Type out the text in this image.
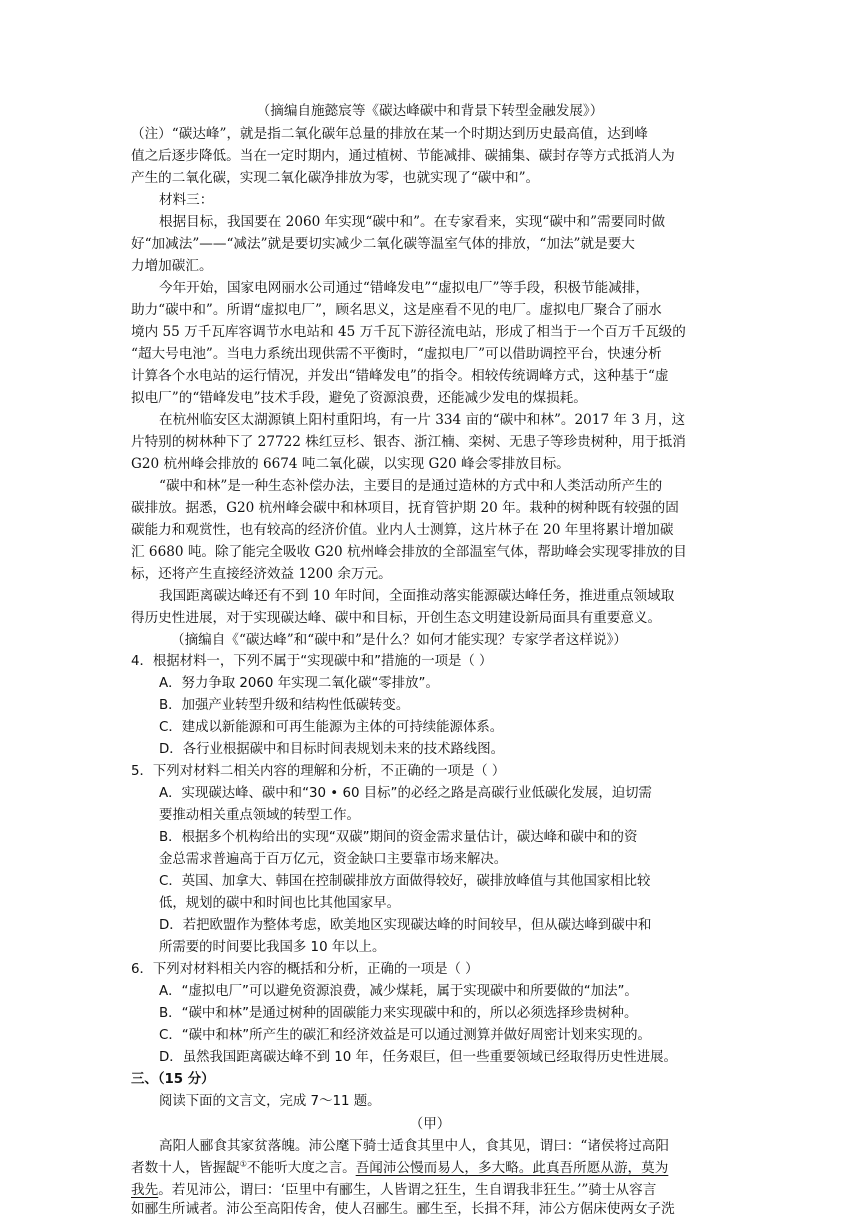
（摘编自施懿宸等《碳达峰碳中和背景下转型金融发展》）
（注）“碳达峰”，就是指二氧化碳年总量的排放在某一个时期达到历史最高值，达到峰
值之后逐步降低。当在一定时期内，通过植树、节能减排、碳捕集、碳封存等方式抵消人为
产生的二氧化碳，实现二氧化碳净排放为零，也就实现了“碳中和”。
材料三：
根据目标，我国要在 2060 年实现“碳中和”。在专家看来，实现“碳中和”需要同时做
好“加减法”——“减法”就是要切实减少二氧化碳等温室气体的排放，“加法”就是要大
力增加碳汇。
今年开始，国家电网丽水公司通过“错峰发电”“虚拟电厂”等手段，积极节能减排，
助力“碳中和”。所谓“虚拟电厂”，顾名思义，这是座看不见的电厂。虚拟电厂聚合了丽水
境内 55 万千瓦库容调节水电站和 45 万千瓦下游径流电站，形成了相当于一个百万千瓦级的
“超大号电池”。当电力系统出现供需不平衡时，“虚拟电厂”可以借助调控平台，快速分析
计算各个水电站的运行情况，并发出“错峰发电”的指令。相较传统调峰方式，这种基于“虚
拟电厂”的“错峰发电”技术手段，避免了资源浪费，还能减少发电的煤损耗。
在杭州临安区太湖源镇上阳村重阳坞，有一片 334 亩的“碳中和林”。2017 年 3 月，这
片特别的树林种下了 27722 株红豆杉、银杏、浙江楠、栾树、无患子等珍贵树种，用于抵消
G20 杭州峰会排放的 6674 吨二氧化碳，以实现 G20 峰会零排放目标。
“碳中和林”是一种生态补偿办法，主要目的是通过造林的方式中和人类活动所产生的
碳排放。据悉，G20 杭州峰会碳中和林项目，抚育管护期 20 年。栽种的树种既有较强的固
碳能力和观赏性，也有较高的经济价值。业内人士测算，这片林子在 20 年里将累计增加碳
汇 6680 吨。除了能完全吸收 G20 杭州峰会排放的全部温室气体，帮助峰会实现零排放的目
标，还将产生直接经济效益 1200 余万元。
我国距离碳达峰还有不到 10 年时间，全面推动落实能源碳达峰任务，推进重点领域取
得历史性进展，对于实现碳达峰、碳中和目标，开创生态文明建设新局面具有重要意义。
（摘编自《“碳达峰”和“碳中和”是什么？如何才能实现？专家学者这样说》）
4．根据材料一，下列不属于“实现碳中和”措施的一项是（ ）
A．努力争取 2060 年实现二氧化碳“零排放”。
B．加强产业转型升级和结构性低碳转变。
C．建成以新能源和可再生能源为主体的可持续能源体系。
D．各行业根据碳中和目标时间表规划未来的技术路线图。
5．下列对材料二相关内容的理解和分析，不正确的一项是（ ）
A．实现碳达峰、碳中和“30 • 60 目标”的必经之路是高碳行业低碳化发展，迫切需
要推动相关重点领域的转型工作。
B．根据多个机构给出的实现“双碳”期间的资金需求量估计，碳达峰和碳中和的资
金总需求普遍高于百万亿元，资金缺口主要靠市场来解决。
C．英国、加拿大、韩国在控制碳排放方面做得较好，碳排放峰值与其他国家相比较
低，规划的碳中和时间也比其他国家早。
D．若把欧盟作为整体考虑，欧美地区实现碳达峰的时间较早，但从碳达峰到碳中和
所需要的时间要比我国多 10 年以上。
6．下列对材料相关内容的概括和分析，正确的一项是（ ）
A．“虚拟电厂”可以避免资源浪费，减少煤耗，属于实现碳中和所要做的“加法”。
B．“碳中和林”是通过树种的固碳能力来实现碳中和的，所以必须选择珍贵树种。
C．“碳中和林”所产生的碳汇和经济效益是可以通过测算并做好周密计划来实现的。
D．虽然我国距离碳达峰不到 10 年，任务艰巨，但一些重要领域已经取得历史性进展。
三、（15 分）
阅读下面的文言文，完成 7～11 题。
（甲）
高阳人郦食其家贫落魄。沛公麾下骑士适食其里中人，食其见，谓曰：“诸侯将过高阳
者数十人，皆握龊①不能听大度之言。吾闻沛公慢而易人，多大略。此真吾所愿从游，莫为
我先。若见沛公，谓曰：‘臣里中有郦生，人皆谓之狂生，生自谓我非狂生。’”骑士从容言
如郦生所诫者。沛公至高阳传舍，使人召郦生。郦生至，长揖不拜，沛公方倨床使两女子洗
